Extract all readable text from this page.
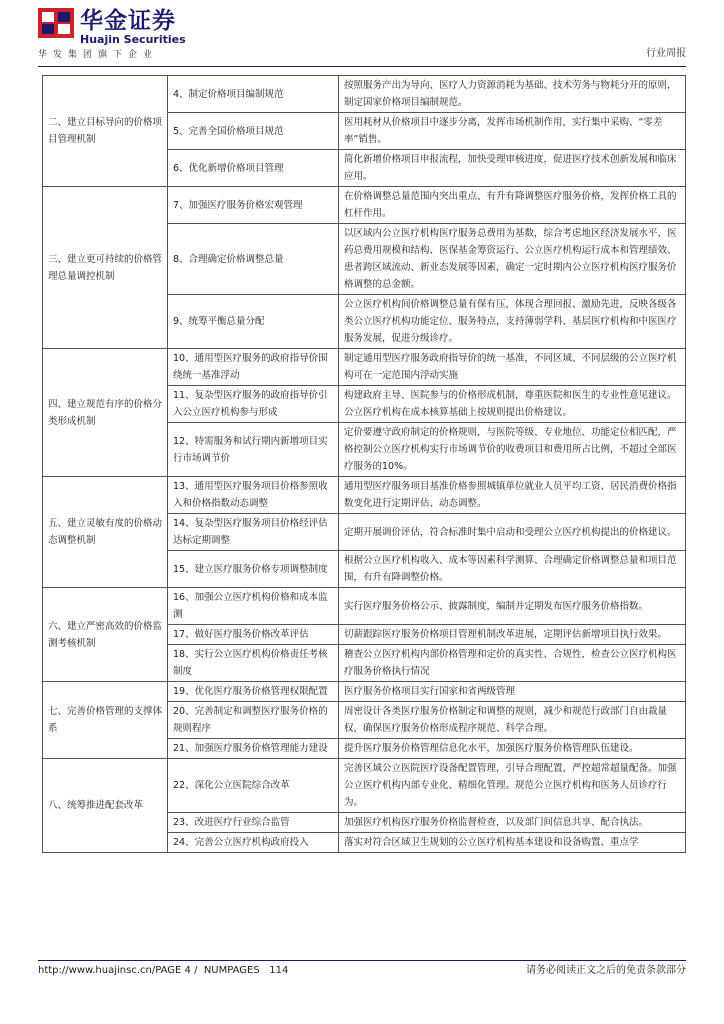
华金证券
Huajin Securities
华发集团旗下企业	行业周报
二、建立目标导向的价格项目管理机制	4、制定价格项目编制规范	按照服务产出为导向、医疗人力资源消耗为基础、技术劳务与物耗分开的原则，制定国家价格项目编制规范。
	5、完善全国价格项目规范	医用耗材从价格项目中逐步分离，发挥市场机制作用，实行集中采购、“零差率”销售。
	6、优化新增价格项目管理	简化新增价格项目申报流程，加快受理审核进度，促进医疗技术创新发展和临床应用。
三、建立更可持续的价格管理总量调控机制	7、加强医疗服务价格宏观管理	在价格调整总量范围内突出重点、有升有降调整医疗服务价格，发挥价格工具的杠杆作用。
	8、合理确定价格调整总量	以区域内公立医疗机构医疗服务总费用为基数，综合考虑地区经济发展水平、医药总费用规模和结构、医保基金筹资运行、公立医疗机构运行成本和管理绩效、患者跨区域流动、新业态发展等因素，确定一定时期内公立医疗机构医疗服务价格调整的总金额。
	9、统筹平衡总量分配	公立医疗机构间价格调整总量有保有压，体现合理回报、激励先进，反映各级各类公立医疗机构功能定位、服务特点，支持薄弱学科、基层医疗机构和中医医疗服务发展，促进分级诊疗。
四、建立规范有序的价格分类形成机制	10、通用型医疗服务的政府指导价围绕统一基准浮动	制定通用型医疗服务政府指导价的统一基准，不同区域、不同层级的公立医疗机构可在一定范围内浮动实施
	11、复杂型医疗服务的政府指导价引入公立医疗机构参与形成	构建政府主导、医院参与的价格形成机制，尊重医院和医生的专业性意见建议。公立医疗机构在成本核算基础上按规则提出价格建议。
	12、特需服务和试行期内新增项目实行市场调节价	定价要遵守政府制定的价格规则，与医院等级、专业地位、功能定位相匹配，严格控制公立医疗机构实行市场调节价的收费项目和费用所占比例，不超过全部医疗服务的10%。
五、建立灵敏有度的价格动态调整机制	13、通用型医疗服务项目价格参照收入和价格指数动态调整	通用型医疗服务项目基准价格参照城镇单位就业人员平均工资、居民消费价格指数变化进行定期评估、动态调整。
	14、复杂型医疗服务项目价格经评估达标定期调整	定期开展调价评估，符合标准时集中启动和受理公立医疗机构提出的价格建议。
	15、建立医疗服务价格专项调整制度	根据公立医疗机构收入、成本等因素科学测算、合理确定价格调整总量和项目范围，有升有降调整价格。
六、建立严密高效的价格监测考核机制	16、加强公立医疗机构价格和成本监测	实行医疗服务价格公示、披露制度，编制并定期发布医疗服务价格指数。
	17、做好医疗服务价格改革评估	切薪跟踪医疗服务价格项目管理机制改革进展，定期评估新增项目执行效果。
	18、实行公立医疗机构价格责任考核制度	稽查公立医疗机构内部价格管理和定价的真实性、合规性，检查公立医疗机构医疗服务价格执行情况
七、完善价格管理的支撑体系	19、优化医疗服务价格管理权限配置	医疗服务价格项目实行国家和省两级管理
	20、完善制定和调整医疗服务价格的规则程序	周密设计各类医疗服务价格制定和调整的规则，减少和规范行政部门自由裁量权，确保医疗服务价格形成程序规范、科学合理。
	21、加强医疗服务价格管理能力建设	提升医疗服务价格管理信息化水平，加强医疗服务价格管理队伍建设。
八、统筹推进配套改革	22、深化公立医院综合改革	完善区域公立医院医疗设备配置管理，引导合理配置，严控超常超量配备。加强公立医疗机构内部专业化、精细化管理。规范公立医疗机构和医务人员诊疗行为。
	23、改进医疗行业综合监管	加强医疗机构医疗服务价格监督检查，以及部门间信息共享、配合执法。
	24、完善公立医疗机构政府投入	落实对符合区域卫生规划的公立医疗机构基本建设和设备购置、重点学
http://www.huajinsc.cn/PAGE 4 / NUMPAGES 114	请务必阅读正文之后的免责条款部分
